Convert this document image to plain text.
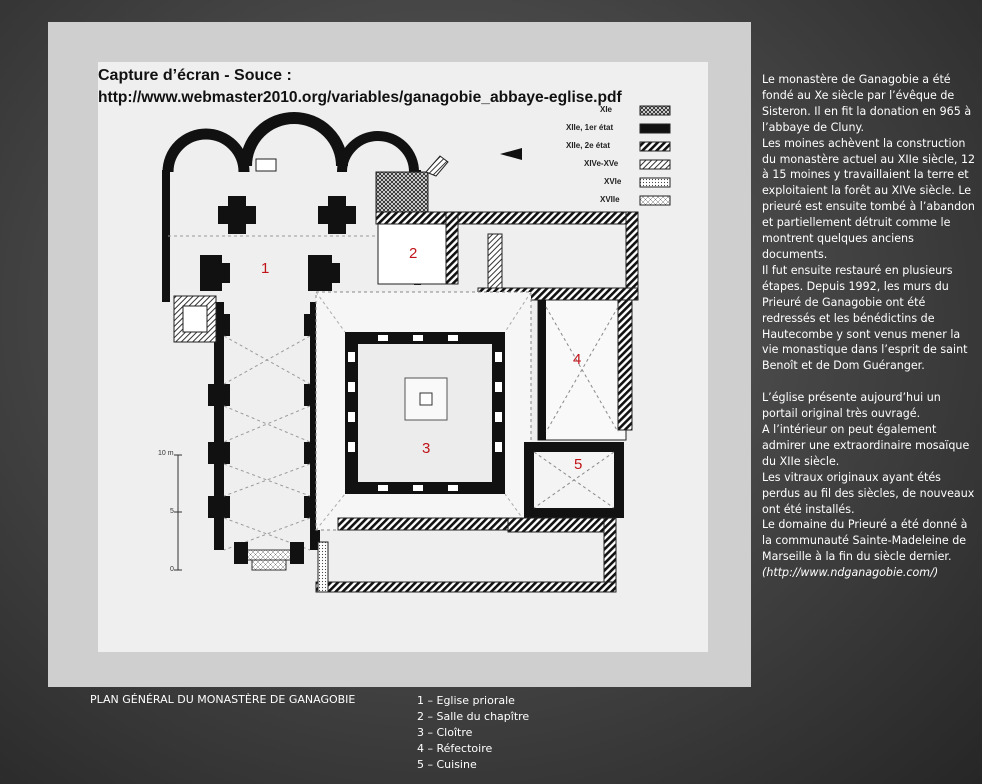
Capture d’écran - Souce :
http://www.webmaster2010.org/variables/ganagobie_abbaye-eglise.pdf
XIe
XIIe, 1er état
XIIe, 2e état
XIVe-XVe
XVIe
XVIIe
1
2
3
4
5
10 m
5
0

Le monastère de Ganagobie a été fondé au Xe siècle par l’évêque de Sisteron. Il en fit la donation en 965 à l’abbaye de Cluny.

Les moines achèvent la construction du monastère actuel au XIIe siècle, 12 à 15 moines y travaillaient la terre et exploitaient la forêt au XIVe siècle. Le prieuré est ensuite tombé à l’abandon et partiellement détruit comme le montrent quelques anciens documents.

Il fut ensuite restauré en plusieurs étapes. Depuis 1992, les murs du Prieuré de Ganagobie ont été redressés et les bénédictins de Hautecombe y sont venus mener la vie monastique dans l’esprit de saint Benoît et de Dom Guéranger.

L’église présente aujourd’hui un portail original très ouvragé.

A l’intérieur on peut également admirer une extraordinaire mosaïque du XIIe siècle.

Les vitraux originaux ayant étés perdus au fil des siècles, de nouveaux ont été installés.

Le domaine du Prieuré a été donné à la communauté Sainte-Madeleine de Marseille à la fin du siècle dernier.

(http://www.ndganagobie.com/)

PLAN GÉNÉRAL DU MONASTÈRE DE GANAGOBIE	1 – Eglise priorale
2 – Salle du chapître
3 – Cloître
4 – Réfectoire
5 – Cuisine
